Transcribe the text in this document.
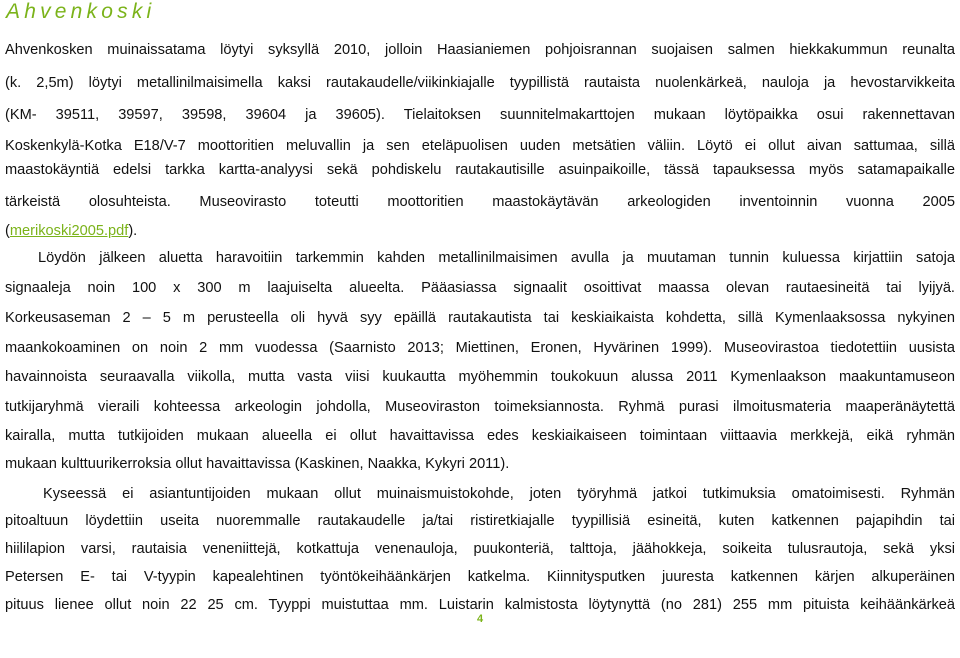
Ahvenkoski
Ahvenkosken muinaissatama löytyi syksyllä 2010, jolloin Haasianiemen pohjoisrannan suojaisen salmen hiekkakummun reunalta
(k. 2,5m) löytyi metallinilmaisimella kaksi rautakaudelle/viikinkiajalle tyypillistä rautaista nuolenkärkeä, nauloja ja hevostarvikkeita
(KM- 39511, 39597, 39598, 39604 ja 39605). Tielaitoksen suunnitelmakarttojen mukaan löytöpaikka osui rakennettavan
Koskenkylä-Kotka E18/V-7 moottoritien meluvallin ja sen eteläpuolisen uuden metsätien väliin. Löytö ei ollut aivan sattumaa, sillä
maastokäyntiä edelsi tarkka kartta-analyysi sekä pohdiskelu rautakautisille asuinpaikoille, tässä tapauksessa myös satamapaikalle
tärkeistä olosuhteista. Museovirasto toteutti moottoritien maastokäytävän arkeologiden inventoinnin vuonna 2005
(merikoski2005.pdf).
Löydön jälkeen aluetta haravoitiin tarkemmin kahden metallinilmaisimen avulla ja muutaman tunnin kuluessa kirjattiin satoja
signaaleja noin 100 x 300 m laajuiselta alueelta. Pääasiassa signaalit osoittivat maassa olevan rautaesineitä tai lyijyä.
Korkeusaseman 2 – 5 m perusteella oli hyvä syy epäillä rautakautista tai keskiaikaista kohdetta, sillä Kymenlaaksossa nykyinen
maankokoaminen on noin 2 mm vuodessa (Saarnisto 2013; Miettinen, Eronen, Hyvärinen 1999). Museovirastoa tiedotettiin uusista
havainnoista seuraavalla viikolla, mutta vasta viisi kuukautta myöhemmin toukokuun alussa 2011 Kymenlaakson maakuntamuseon
tutkijaryhmä vieraili kohteessa arkeologin johdolla, Museoviraston toimeksiannosta. Ryhmä purasi ilmoitusmateria maaperänäytettä
kairalla, mutta tutkijoiden mukaan alueella ei ollut havaittavissa edes keskiaikaiseen toimintaan viittaavia merkkejä, eikä ryhmän
mukaan kulttuurikerroksia ollut havaittavissa (Kaskinen, Naakka, Kykyri 2011).
Kyseessä ei asiantuntijoiden mukaan ollut muinaismuistokohde, joten työryhmä jatkoi tutkimuksia omatoimisesti. Ryhmän
pitoaltuun löydettiin useita nuoremmalle rautakaudelle ja/tai ristiretkiajalle tyypillisiä esineitä, kuten katkennen pajapihdin tai
hiililapion varsi, rautaisia veneniittejä, kotkattuja venenauloja, puukonteriä, talttoja, jäähokkeja, soikeita tulusrautoja, sekä yksi
Petersen E- tai V-tyypin kapealehtinen työntökeihäänkärjen katkelma. Kiinnitysputken juuresta katkennen kärjen alkuperäinen
pituus lienee ollut noin 22 25 cm. Tyyppi muistuttaa mm. Luistarin kalmistosta löytynyttä (no 281) 255 mm pituista keihäänkärkeä
4
